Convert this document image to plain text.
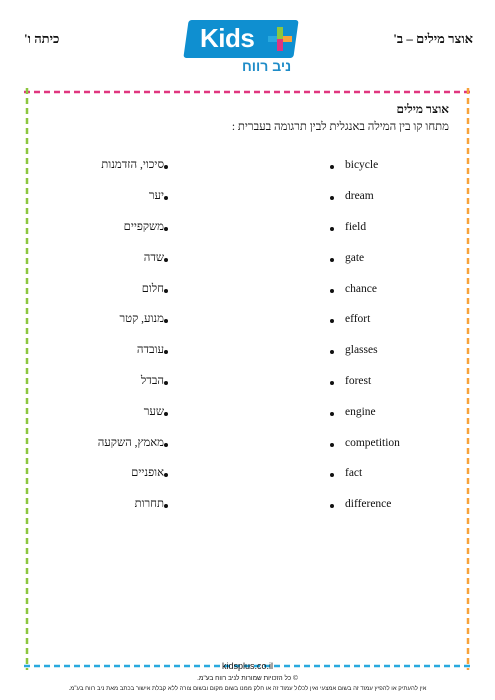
אוצר מילים – ב'
כיתה ו'	Kids
ניב רווח
אוצר מילים
מתחו קו בין המילה באנגלית לבין תרגומה בעברית :
bicycle
dream
field
gate
chance
effort
glasses
forest
engine
competition
fact
difference
סיכוי, הזדמנות
יער
משקפיים
שדה
חלום
מנוע, קטר
עובדה
הבדל
שער
מאמץ, השקעה
אופניים
תחרות
kidsplus.co.il
© כל הזכויות שמורות לניב רווח בע"מ.
אין להעתיק או להפיץ עמוד זה בשום אמצעי ואין לכלול עמוד זה או חלק ממנו בשום מקום ובשום צורה ללא קבלת אישור בכתב מאת ניב רווח בע"מ.
